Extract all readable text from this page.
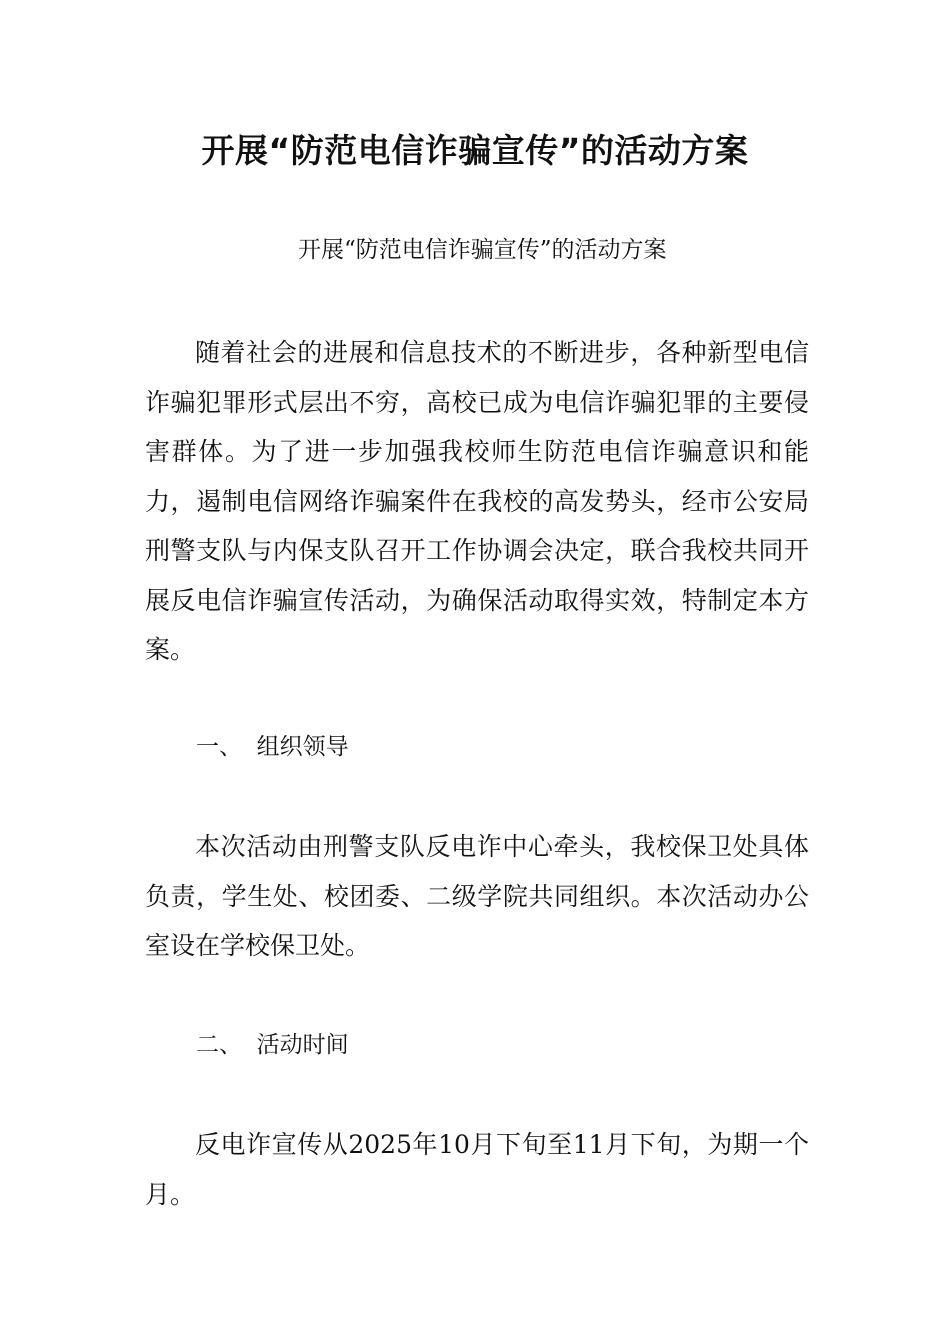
开展“防范电信诈骗宣传”的活动方案

开展“防范电信诈骗宣传”的活动方案

随着社会的进展和信息技术的不断进步，各种新型电信诈骗犯罪形式层出不穷，高校已成为电信诈骗犯罪的主要侵害群体。为了进一步加强我校师生防范电信诈骗意识和能力，遏制电信网络诈骗案件在我校的高发势头，经市公安局刑警支队与内保支队召开工作协调会决定，联合我校共同开展反电信诈骗宣传活动，为确保活动取得实效，特制定本方案。

一、  组织领导

本次活动由刑警支队反电诈中心牵头，我校保卫处具体负责，学生处、校团委、二级学院共同组织。本次活动办公室设在学校保卫处。

二、  活动时间

反电诈宣传从2025年10月下旬至11月下旬，为期一个月。
